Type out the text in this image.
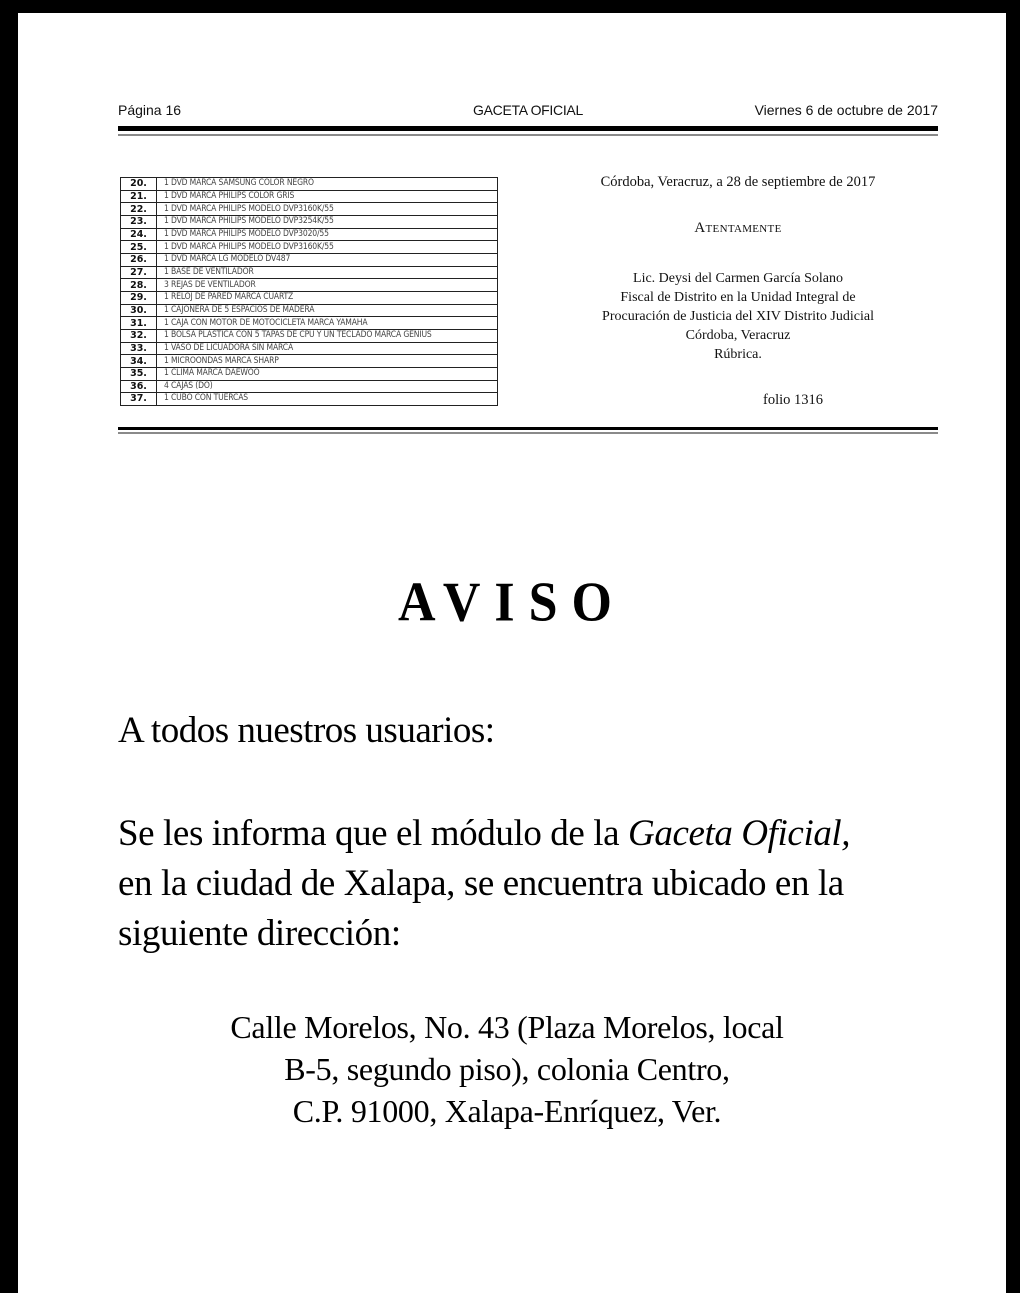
Página 16	GACETA OFICIAL	Viernes 6 de octubre de 2017
20.	1 DVD MARCA SAMSUNG COLOR NEGRO
21.	1 DVD MARCA PHILIPS COLOR GRIS
22.	1 DVD MARCA PHILIPS MODELO DVP3160K/55
23.	1 DVD MARCA PHILIPS MODELO DVP3254K/55
24.	1 DVD MARCA PHILIPS MODELO DVP3020/55
25.	1 DVD MARCA PHILIPS MODELO DVP3160K/55
26.	1 DVD MARCA LG MODELO DV487
27.	1 BASE DE VENTILADOR
28.	3 REJAS DE VENTILADOR
29.	1 RELOJ DE PARED MARCA CUARTZ
30.	1 CAJONERA DE 5 ESPACIOS DE MADERA
31.	1 CAJA CON MOTOR DE MOTOCICLETA MARCA YAMAHA
32.	1 BOLSA PLÁSTICA CON 5 TAPAS DE CPU Y UN TECLADO MARCA GENIUS
33.	1 VASO DE LICUADORA SIN MARCA
34.	1 MICROONDAS MARCA SHARP
35.	1 CLIMA MARCA DAEWOO
36.	4 CAJAS (DO)
37.	1 CUBO CON TUERCAS
Córdoba, Veracruz, a 28 de septiembre de 2017
Atentamente
Lic. Deysi del Carmen García Solano
Fiscal de Distrito en la Unidad Integral de
Procuración de Justicia del XIV Distrito Judicial
Córdoba, Veracruz
Rúbrica.
folio 1316
AVISO
A todos nuestros usuarios:
Se les informa que el módulo de la Gaceta Oficial,
en la ciudad de Xalapa, se encuentra ubicado en la
siguiente dirección:
Calle Morelos, No. 43 (Plaza Morelos, local
B-5, segundo piso), colonia Centro,
C.P. 91000, Xalapa-Enríquez, Ver.
